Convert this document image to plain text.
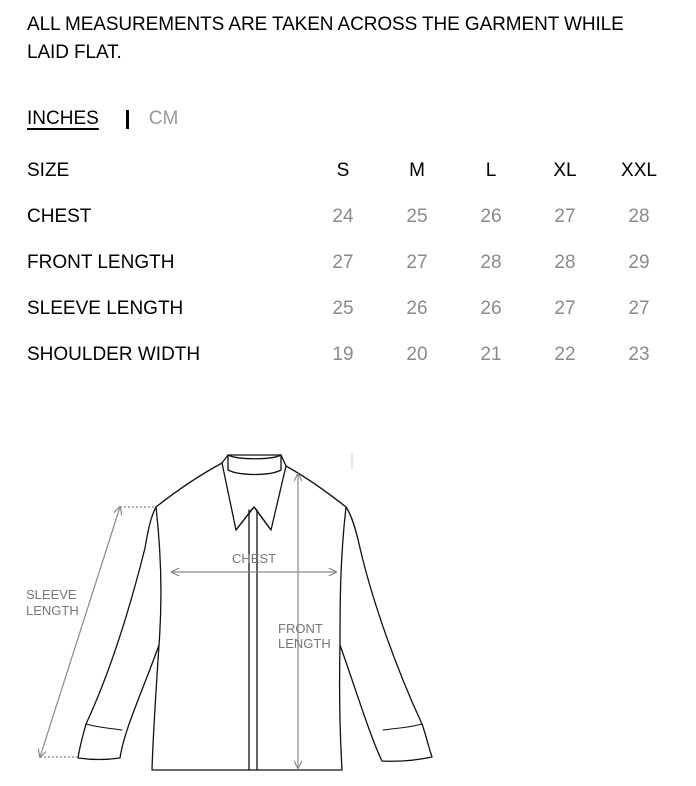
ALL MEASUREMENTS ARE TAKEN ACROSS THE GARMENT WHILE
LAID FLAT.
INCHES	CM
SIZE	S	M	L	XL	XXL
CHEST	24	25	26	27	28
FRONT LENGTH	27	27	28	28	29
SLEEVE LENGTH	25	26	26	27	27
SHOULDER WIDTH	19	20	21	22	23
CHEST
SLEEVE
LENGTH
FRONT
LENGTH
